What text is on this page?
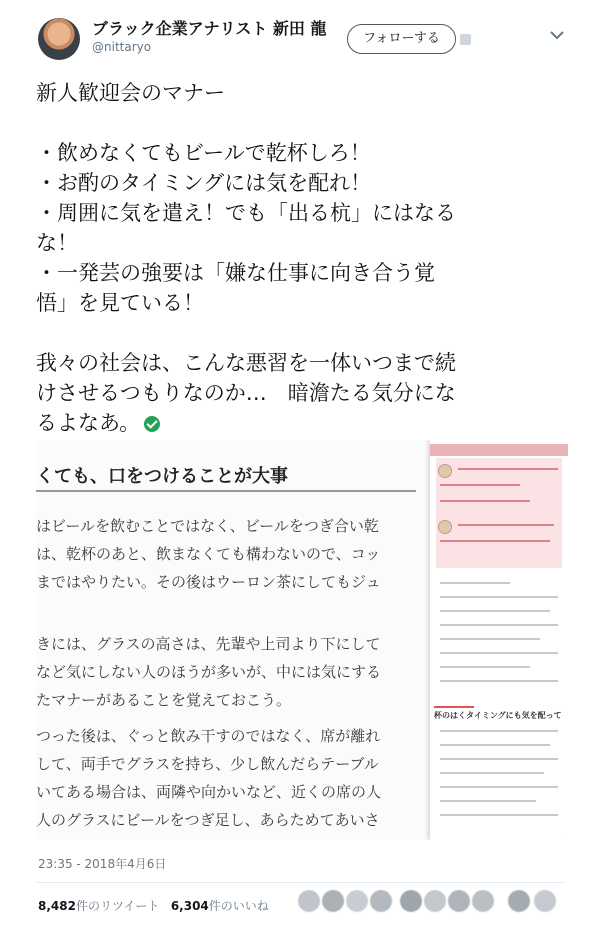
ブラック企業アナリスト 新田 龍
@nittaryo
フォローする

新人歓迎会のマナー

・飲めなくてもビールで乾杯しろ！

・お酌のタイミングには気を配れ！

・周囲に気を遣え！でも「出る杭」にはなる

な！

・一発芸の強要は「嫌な仕事に向き合う覚

悟」を見ている！

我々の社会は、こんな悪習を一体いつまで続

けさせるつもりなのか…　暗澹たる気分にな

るよなあ。

くても、口をつけることが大事
はビールを飲むことではなく、ビールをつぎ合い乾
は、乾杯のあと、飲まなくても構わないので、コッ
まではやりたい。その後はウーロン茶にしてもジュ
きには、グラスの高さは、先輩や上司より下にして
など気にしない人のほうが多いが、中には気にする
たマナーがあることを覚えておこう。
つった後は、ぐっと飲み干すのではなく、席が離れ
して、両手でグラスを持ち、少し飲んだらテーブル
いてある場合は、両隣や向かいなど、近くの席の人
人のグラスにビールをつぎ足し、あらためてあいさ
杯のはくタイミングにも気を配って
23:35 - 2018年4月6日
8,482件のリツイート 6,304件のいいね
